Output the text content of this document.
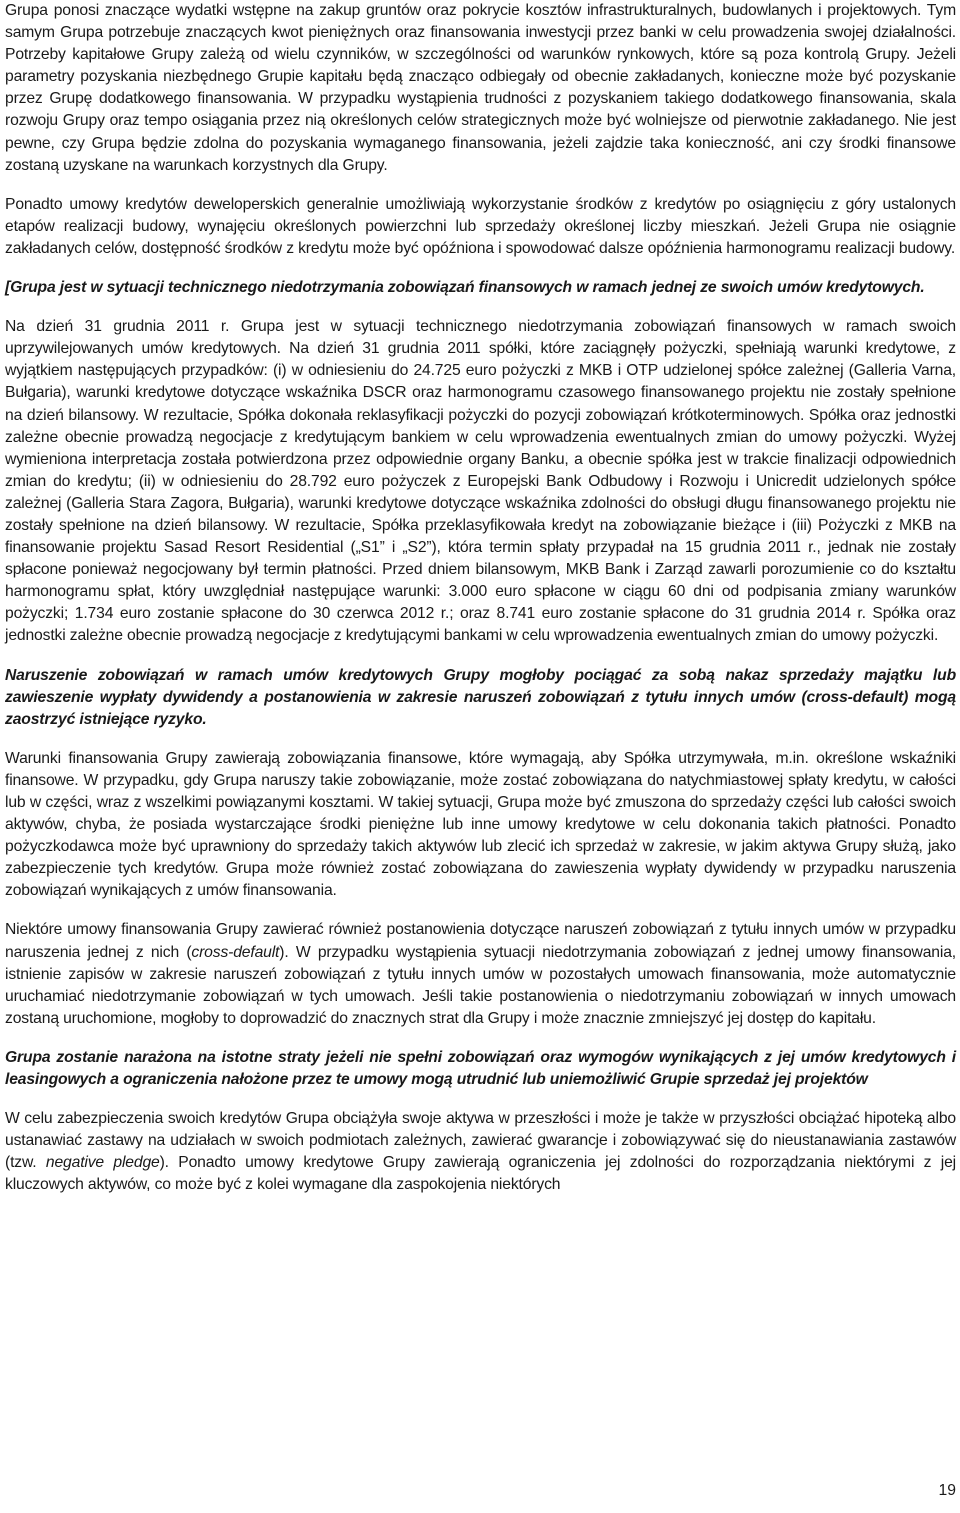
Grupa ponosi znaczące wydatki wstępne na zakup gruntów oraz pokrycie kosztów infrastrukturalnych, budowlanych i projektowych. Tym samym Grupa potrzebuje znaczących kwot pieniężnych oraz finansowania inwestycji przez banki w celu prowadzenia swojej działalności. Potrzeby kapitałowe Grupy zależą od wielu czynników, w szczególności od warunków rynkowych, które są poza kontrolą Grupy. Jeżeli parametry pozyskania niezbędnego Grupie kapitału będą znacząco odbiegały od obecnie zakładanych, konieczne może być pozyskanie przez Grupę dodatkowego finansowania. W przypadku wystąpienia trudności z pozyskaniem takiego dodatkowego finansowania, skala rozwoju Grupy oraz tempo osiągania przez nią określonych celów strategicznych może być wolniejsze od pierwotnie zakładanego. Nie jest pewne, czy Grupa będzie zdolna do pozyskania wymaganego finansowania, jeżeli zajdzie taka konieczność, ani czy środki finansowe zostaną uzyskane na warunkach korzystnych dla Grupy.

Ponadto umowy kredytów deweloperskich generalnie umożliwiają wykorzystanie środków z kredytów po osiągnięciu z góry ustalonych etapów realizacji budowy, wynajęciu określonych powierzchni lub sprzedaży określonej liczby mieszkań. Jeżeli Grupa nie osiągnie zakładanych celów, dostępność środków z kredytu może być opóźniona i spowodować dalsze opóźnienia harmonogramu realizacji budowy.

[Grupa jest w sytuacji technicznego niedotrzymania zobowiązań finansowych w ramach jednej ze swoich umów kredytowych.

Na dzień 31 grudnia 2011 r. Grupa jest w sytuacji technicznego niedotrzymania zobowiązań finansowych w ramach swoich uprzywilejowanych umów kredytowych. Na dzień 31 grudnia 2011 spółki, które zaciągnęły pożyczki, spełniają warunki kredytowe, z wyjątkiem następujących przypadków: (i) w odniesieniu do 24.725 euro pożyczki z MKB i OTP udzielonej spółce zależnej (Galleria Varna, Bułgaria), warunki kredytowe dotyczące wskaźnika DSCR oraz harmonogramu czasowego finansowanego projektu nie zostały spełnione na dzień bilansowy. W rezultacie, Spółka dokonała reklasyfikacji pożyczki do pozycji zobowiązań krótkoterminowych. Spółka oraz jednostki zależne obecnie prowadzą negocjacje z kredytującym bankiem w celu wprowadzenia ewentualnych zmian do umowy pożyczki. Wyżej wymieniona interpretacja została potwierdzona przez odpowiednie organy Banku, a obecnie spółka jest w trakcie finalizacji odpowiednich zmian do kredytu; (ii) w odniesieniu do 28.792 euro pożyczek z Europejski Bank Odbudowy i Rozwoju i Unicredit udzielonych spółce zależnej (Galleria Stara Zagora, Bułgaria), warunki kredytowe dotyczące wskaźnika zdolności do obsługi długu finansowanego projektu nie zostały spełnione na dzień bilansowy. W rezultacie, Spółka przeklasyfikowała kredyt na zobowiązanie bieżące i (iii) Pożyczki z MKB na finansowanie projektu Sasad Resort Residential („S1” i „S2”), która termin spłaty przypadał na 15 grudnia 2011 r., jednak nie zostały spłacone ponieważ negocjowany był termin płatności. Przed dniem bilansowym, MKB Bank i Zarząd zawarli porozumienie co do kształtu harmonogramu spłat, który uwzględniał następujące warunki: 3.000 euro spłacone w ciągu 60 dni od podpisania zmiany warunków pożyczki; 1.734 euro zostanie spłacone do 30 czerwca 2012 r.; oraz 8.741 euro zostanie spłacone do 31 grudnia 2014 r. Spółka oraz jednostki zależne obecnie prowadzą negocjacje z kredytującymi bankami w celu wprowadzenia ewentualnych zmian do umowy pożyczki.

Naruszenie zobowiązań w ramach umów kredytowych Grupy mogłoby pociągać za sobą nakaz sprzedaży majątku lub zawieszenie wypłaty dywidendy a postanowienia w zakresie naruszeń zobowiązań z tytułu innych umów (cross-default) mogą zaostrzyć istniejące ryzyko.

Warunki finansowania Grupy zawierają zobowiązania finansowe, które wymagają, aby Spółka utrzymywała, m.in. określone wskaźniki finansowe. W przypadku, gdy Grupa naruszy takie zobowiązanie, może zostać zobowiązana do natychmiastowej spłaty kredytu, w całości lub w części, wraz z wszelkimi powiązanymi kosztami. W takiej sytuacji, Grupa może być zmuszona do sprzedaży części lub całości swoich aktywów, chyba, że posiada wystarczające środki pieniężne lub inne umowy kredytowe w celu dokonania takich płatności. Ponadto pożyczkodawca może być uprawniony do sprzedaży takich aktywów lub zlecić ich sprzedaż w zakresie, w jakim aktywa Grupy służą, jako zabezpieczenie tych kredytów. Grupa może również zostać zobowiązana do zawieszenia wypłaty dywidendy w przypadku naruszenia zobowiązań wynikających z umów finansowania.

Niektóre umowy finansowania Grupy zawierać również postanowienia dotyczące naruszeń zobowiązań z tytułu innych umów w przypadku naruszenia jednej z nich (cross-default). W przypadku wystąpienia sytuacji niedotrzymania zobowiązań z jednej umowy finansowania, istnienie zapisów w zakresie naruszeń zobowiązań z tytułu innych umów w pozostałych umowach finansowania, może automatycznie uruchamiać niedotrzymanie zobowiązań w tych umowach. Jeśli takie postanowienia o niedotrzymaniu zobowiązań w innych umowach zostaną uruchomione, mogłoby to doprowadzić do znacznych strat dla Grupy i może znacznie zmniejszyć jej dostęp do kapitału.

Grupa zostanie narażona na istotne straty jeżeli nie spełni zobowiązań oraz wymogów wynikających z jej umów kredytowych i leasingowych a ograniczenia nałożone przez te umowy mogą utrudnić lub uniemożliwić Grupie sprzedaż jej projektów

W celu zabezpieczenia swoich kredytów Grupa obciążyła swoje aktywa w przeszłości i może je także w przyszłości obciążać hipoteką albo ustanawiać zastawy na udziałach w swoich podmiotach zależnych, zawierać gwarancje i zobowiązywać się do nieustanawiania zastawów (tzw. negative pledge). Ponadto umowy kredytowe Grupy zawierają ograniczenia jej zdolności do rozporządzania niektórymi z jej kluczowych aktywów, co może być z kolei wymagane dla zaspokojenia niektórych

19
